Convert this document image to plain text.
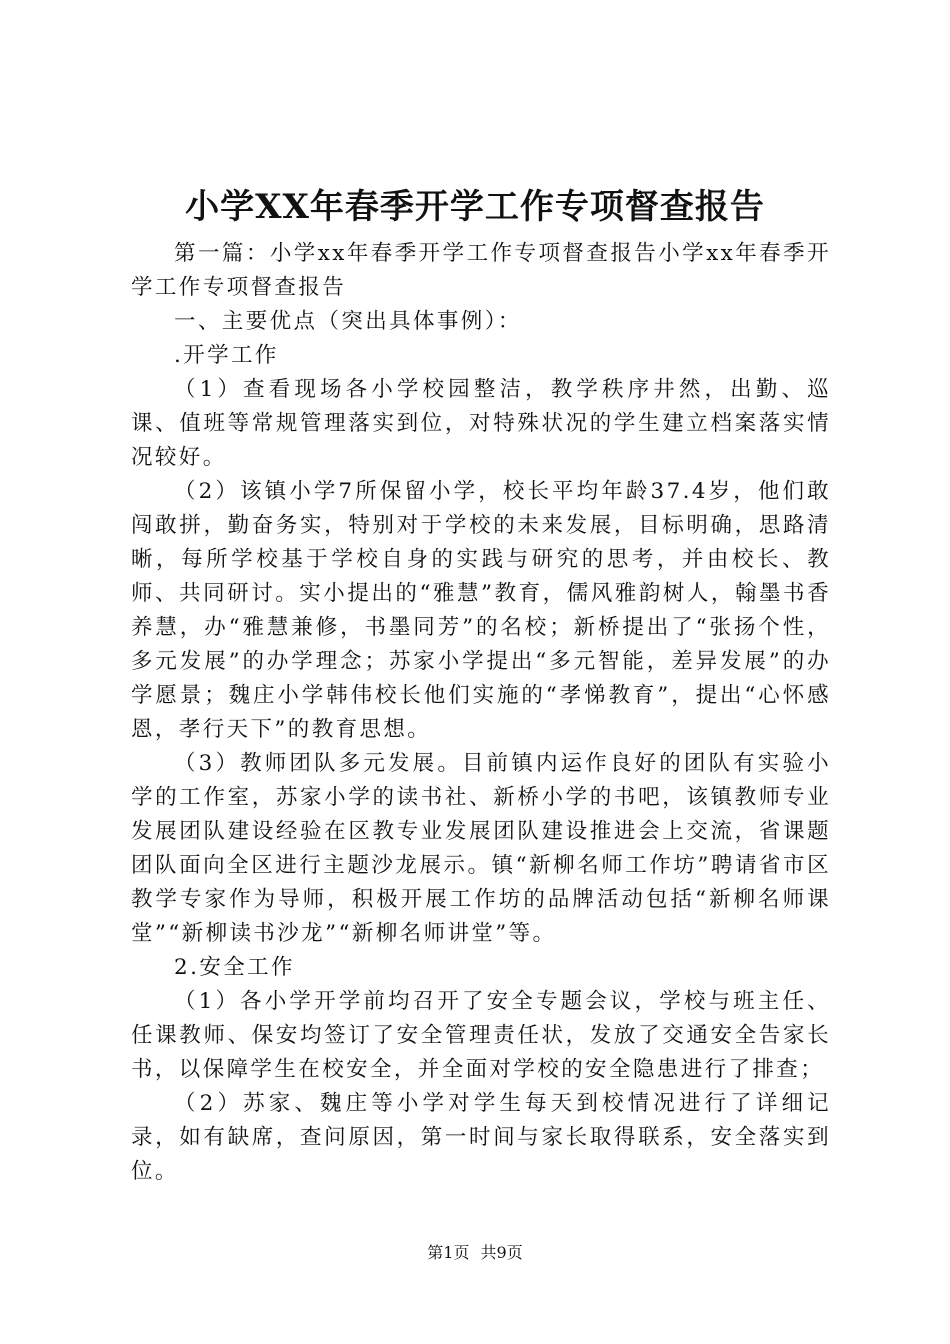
小学XX年春季开学工作专项督查报告

第一篇：小学xx年春季开学工作专项督查报告小学xx年春季开学工作专项督查报告

一、主要优点（突出具体事例）：

.开学工作

（1）查看现场各小学校园整洁，教学秩序井然，出勤、巡课、值班等常规管理落实到位，对特殊状况的学生建立档案落实情况较好。

（2）该镇小学7所保留小学，校长平均年龄37.4岁，他们敢闯敢拼，勤奋务实，特别对于学校的未来发展，目标明确，思路清晰，每所学校基于学校自身的实践与研究的思考，并由校长、教师、共同研讨。实小提出的“雅慧”教育，儒风雅韵树人，翰墨书香养慧，办“雅慧兼修，书墨同芳”的名校；新桥提出了“张扬个性，多元发展”的办学理念；苏家小学提出“多元智能，差异发展”的办学愿景；魏庄小学韩伟校长他们实施的“孝悌教育”，提出“心怀感恩，孝行天下”的教育思想。

（3）教师团队多元发展。目前镇内运作良好的团队有实验小学的工作室，苏家小学的读书社、新桥小学的书吧，该镇教师专业发展团队建设经验在区教专业发展团队建设推进会上交流，省课题团队面向全区进行主题沙龙展示。镇“新柳名师工作坊”聘请省市区教学专家作为导师，积极开展工作坊的品牌活动包括“新柳名师课堂”“新柳读书沙龙”“新柳名师讲堂”等。

2.安全工作

（1）各小学开学前均召开了安全专题会议，学校与班主任、任课教师、保安均签订了安全管理责任状，发放了交通安全告家长书，以保障学生在校安全，并全面对学校的安全隐患进行了排查；

（2）苏家、魏庄等小学对学生每天到校情况进行了详细记录，如有缺席，查问原因，第一时间与家长取得联系，安全落实到位。

第1页 共9页
